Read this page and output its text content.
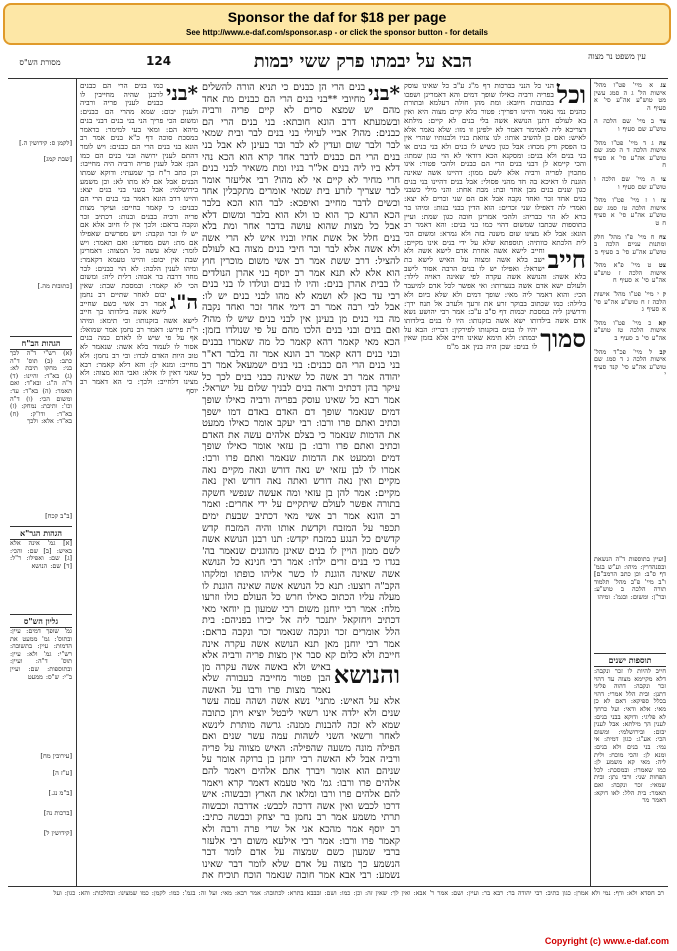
Sponsor the daf for $18 per page
See http://www.e-daf.com/sponsor.asp - or click the sponsor button - for details
מסורת הש"ס	124	הבא על יבמתו פרק ששי יבמות	עין משפט נר מצוה
[לקמן ס: קידושין ה.]
[שבת קמג]
[כתובות מה.]
הגהות הב"ח
(א) רש"י ד"ה לכך כתב: (ב) תוס' ד"ה בני: מחקו תיבת לא: (ג) בא"ד: והיינו: (ד) ד"ה ה"ג: ובא"ד: ואם תאמר: (ה) בא"ד: עד: ומשום הכי: (ו) ד"ה וכו': ותיבת: נמחק: (ז) בא"ד: ודו"ק: (ח) בא"ד: אלא: ולכך
[ב"ב קכח]
הגהות הגר"א
[א] גמ' אינה אלא באיש: [ב] שם: והכי: [ג] שם: ואפילו: ר"ל: [ד] שם: הנושא
גליון הש"ס
גמ' שופך דמים: עיין: ובתוס': גמ' ממעט את הדמות: עיין: בתשובה: רש"י: גמ' ולא: עיין: תוס' ד"ה: ועיין: ובתוספות: שם: ועיין ב"י: ש"ס: ממעט
[עירובין מח]
[ע"ז ה]
[ב"מ נג.]
[ברכות נה]
[קידושין ל]
*בני
כמו בנים הרי הם כבנים לרבנן שהיה מחייבין לו כבנים לענין פריה ורביה ולענין יבום: שמא מהרי הם כבנים: ומשום הכי פריך הני בני בנים דבני בנים מיהא הם: ומאי בעי למימר: כדאמר במסכת סוכה דף כ"א בנים אמר רב הונא בני בנים הרי הם כבנים: ויש לומר דהתם לענין ירושה ובני בנים הם כמו הבן: אבל לענין פריה ורביה היה מחייבו: וכן כתב ר"ח כך שמעתי: ודוקא שמתו הבנים אבל אם לא מתו לא: וכן משמע בירושלמי: אבל בשני בני בנים יצא: והיינו דרב הונא דאמר בני בנים הרי הם כבנים: כי קאמר בחיים: ועיקר מצות פריה ורביה בבנים ובנות: דכתיב זכר ונקבה בראם: ולכך אין לו חיוב אלא אם יש לו זכר ונקבה: ויש מפרשים שאפילו אם מת: ושם מפורש: ואם תאמר: ויש לומר: שלא עשה כל המצוה: דאמרינן שבת אין יבום: והיינו טעמא דקאמר: ומיהו לענין הלכה: לא הוי כבנים: לבר מחד דרבה בר אבוה: דלית ליה: ומשום הכי לא קאמר: ובמסכת שבת: שאין יבום לאחר שתיים ה"ג
רב נחמן אמר רב אשי כשם שחייב לישא אשה בילדותו כך חייב לישא אשה בזקנותו: וכי תימא: ומיהו ר"ת פירש: דאמר רב נחמן אמר שמואל: אף על פי שיש לו לאדם כמה בנים אסור לו לעמוד בלא אשה: שנאמר לא טוב היות האדם לבדו: ובי רב נחמן: ולא מחייב: ומנא לן: והא דלא קאמר: רבא שאני דאין לו אלא: ואבי הוא מצוה: ולא מצינו דלחייב: ולכך: כי הא דאמר רב יוסף
*בני
בנים הרי הן כבנים כי תניא הורה להשלים מחיובי **בני בנים הרי הם כבנים מת אחד מהם יש שמצא סרים לא קיים פריה ורביה ובשמעתא דרב הונא חובתא: בני בנים הרי הם כבנים: מהו? אביי לעיולי בני בנים לבר ובית שמאי לבר ולבר שום ועדין לא לבר ובר בעינן לא אבל בני בנים הרי הם כבנים לדבר אחד קרא הוא הכא נהי דלא ביו ליה בנים אל"ר בניו ומת משאיר לבני בנים חרי מחיר לא קיים אי לא מהו? רבי אליעזר אומר לבר שצריך לזרע בית שמאי אומרים מתקבלין אחד וכשים לדבר מחייב ואיפכא: לבר הוא הכא בלבר הכא הרגא כך הוא כו ולא הוא בלבר ומשום דלא אבל כל מצות שהוא עושה בדבר אחר ומת בלא בנים חלל אל אשת אחיו ובניו איש לא הרי אשה ולא אשה אלא לבר ובר חיבי בנים מצוה בא לעולם להציל: דרב ששת אמר רב אשי משום מוכרין חוץ הוא אלא לא תנא אמר רב יוסף בני אהרן הנולדים לו בבית אהרן בנים: והיו לו בנים ונולדו לו בני בנים רבי עד כאן לא ושמא לא מהו לבני בנים יש לו: אבל לבי רבה אמר רב דימי אחד זכר ואחד נקבה מה בני בנים מן בעינן אין לבני בנים שיש לו מהו? ואם בנים ובני בנים הלכו מהם על פי שנולדו בזמן: הכא מאי קאמר דהא קאמר כל מה שאמרו בבנים ובני בנים דהא קאמר רב הונא אמר זה בלבר דא"ר בני בנים הרי הם כבנים: בני בנים ישמעאל אמר רב יהודה אמר רב אשה כל שאינה כבני בנים לכך כל עיקר בהן דכתיב וראה בנים לבניך שלום על ישראל: אמר רבא כל שאינו עוסק בפריה ורביה כאילו שופך דמים שנאמר שופך דם האדם באדם דמו ישפך וכתיב ואתם פרו ורבו: רבי יעקב אומר כאילו ממעט את הדמות שנאמר כי בצלם אלהים עשה את האדם וכתיב ואתם פרו ורבו: בן עזאי אומר כאילו שופך דמים וממעט את הדמות שנאמר ואתם פרו ורבו: אמרו לו לבן עזאי יש נאה דורש ונאה מקיים נאה מקיים ואין נאה דורש ואתה נאה דורש ואין נאה מקיים: אמר להן בן עזאי ומה אעשה שנפשי חשקה בתורה אפשר לעולם שיתקיים על ידי אחרים: ואמר רב הונא אמר רב אשי מאי דכתיב שבעת ימים תכפר על המזבח וקדשת אותו והיה המזבח קדש קדשים כל הנגע במזבח יקדש: תנו רבנן הנושא אשה לשם ממון הויין לו בנים שאינן מהוגנים שנאמר בה' בגדו כי בנים זרים ילדו: אמר רבי חנינא כל הנושא אשה שאינה הוגנת לו כשר אליהו כופתו ומלקהו הקב"ה רוצעו: תנא כל הנושא אשה שאינה הוגנת לו מעלה עליו הכתוב כאילו חרש כל העולם כולו וזרעו מלח: אמר רבי יוחנן משום רבי שמעון בן יוחאי מאי דכתיב ויחזקאל יתנכר ליה אל יכירו בפניהם: בית הלל אומרים זכר ונקבה שנאמר זכר ונקבה בראם: אמר רבי יוחנן מאן תנא הנושא אשה עקרה אינה חייבת ולא כלום קא סבר אין מצות פריה ורביה אלא באיש ולא באשה והנושא
אשה עקרה מן הבן פטור מחייבה בעבורה שלא נאמר מצות פרו ורבו על האשה אלא על האיש: מתני' נשא אשה ושהה עמה עשר שנים ולא ילדה אינו רשאי ליבטל יוציא ויתן כתובה שמא לא זכה להבנות ממנה: גרשה מותרת לינשא לאחר ורשאי השני לשהות עמה עשר שנים ואם הפילה מונה משעה שהפילה: האיש מצווה על פריה ורביה אבל לא האשה רבי יוחנן בן ברוקה אומר על שניהם הוא אומר ויברך אתם אלהים ויאמר להם אלהים פרו ורבו: גמ' מאי טעמא דאמר קרא ויאמר להם אלהים פרו ורבו ומלאו את הארץ וכבשוה: איש דרכו לכבש ואין אשה דרכה לכבש: אדרבה וכבשוה תרתי משמע אמר רב נחמן בר יצחק וכבשה כתיב: רב יוסף אמר מהכא אני אל שדי פרה ורבה ולא קאמר פרו ורבו: אמר רבי אילעא משום רבי אלעזר ברבי שמעון כשם שמצוה על אדם לומר דבר הנשמע כך מצוה על אדם שלא לומר דבר שאינו נשמע: רבי אבא אמר חובה שנאמר הוכח תוכיח את
וכל
הני כל הנני בברכות דף מ"ג ע"ב כל שאינו עוסק בפריה ורביה כאילו שופך דמים והא דאמרינן ושפכו בכתובות חיובא: ומת מהן חולה דעלמא ובתורת כהנים נמי נאמר והיינו דפריך: פטור בלא קיים מצוה היא ואין בא לעולם דתנן הנושא אשה בלי בנים לא קיים: מילתא דצריכא ליה לאמימר דאמר לא ילפינן זו מזו: שלא נאמר אלא לאיש: ואם כן להשיב אותו: לנו צוואת בניו ולבנותיו שהרי אין בו הפסק ורק מכחו: אבל כגון כשיש לו בנים ולא בני בנים או בני בנים ולא בנים: ומסקנא הכא דודאי לא הוי כגון שמתו: והכי קיימא לן דבני בנים הרי הם כבנים ולהכי פטור: אינו מתכוין לפריה ורביה אלא לשם ממון: דהיינו אשה שאינה הוגנת לו דאיכא בה חד מהני פסולי: אבל בנים דהיינו בני בנים כגון שנים בנים מבן אחד ובת: מבת אחת: והני מילי כשבני בנים אחד זכר ואחד נקבה אבל אם הם שני זכרים לא יצא: ואמרי לה דאפילו שני זכרים: הוא הדין בבני בנות: ומיהו בר ברא לא הוי כבריה: ולהכי אמרינן חובה כגון שמת: ועיין בתוספות שכתבו שמשום דהוי כמו בני בנים: והא דאמר רב הונא: אבל לא מצינו שום משנה בזה ולא גמרא: ומשום הכי לית הלכתא כוותיה: תוספתא שלא על ידי בנים אינו מקיים: וחייב לישא אשה אחרת חייב
אדם לישא אשה ולא ישב בלא אשה ומצוה על האיש לישא בת ישראל: ואפילו יש לו בנים הרבה אסור לישב בלא אשה: והנושא אשה עקרה לפי שאינה ראויה לילד: ולעולם ישא אדם אשה בנערותו: ואי אפשר לכל אדם למיעבד הכי: והוא דאמר ליה מאי: שופך דמים ולא שלא ביום ולא בלילה: כמו שכתוב בבוקר זרע את זרעך ולערב אל תנח ידך: ודרשינן ליה במסכת יבמות דף ס"ב ע"ב: אמר רבי יהושע נשא אדם אשה בילדותו ישא אשה בזקנותו: היו לו בנים בילדותו יהיו לו בנים בזקנותו סמוך
לפירקין: דבריו: הבא על יבמתו: ולא תימא שאינו חייב אלא בזמן שאין לו בנים: שכן היה בנין אב מ"מ
צג א מיי' פט"ו מהל' אישות הל' ג ה סמג עשין מט טוש"ע אה"ע סי' א סעיף ה
צד ב מיי' שם הלכה ה טוש"ע שם סעיף ו
צה ג ד מיי' פט"ו מהל' אישות הלכה ד ה סמג שם טוש"ע אה"ע סי' א סעיף ח
צו ה מיי' שם הלכה ו טוש"ע שם סעיף ו
צז ו ז מיי' פט"ו מהל' אישות הלכה טז סמג שם טוש"ע אה"ע סי' א סעיף ח ט
צח ח מיי' פ"ו מהל' חלק ומתנות עניים הלכה ב טוש"ע אה"ע סי' ב סעיף ב
צט ט מיי' פ"א מהל' אישות הלכה ז טוש"ע אה"ע סי' א סעיף ח
ק י מיי' פט"ו מהל' אישות הלכה ז ח טוש"ע אה"ע סי' א סעיף ג
קא כ מיי' פט"ו מהל' אישות הלכה טז טוש"ע אה"ע סי' ב סעיף ב
קב ל מיי' פכ"ד מהל' אישות הלכה ג ד סמג שם טוש"ע אה"ע סי' קנד סעיף י
[ועיין בתוספות ד"ה הנשאת ובסנהדרין: מיהו: וע"ש בגמ' דף ס"ב: וכן כתב הרמב"ם] ו"ב מיי' פ"ב מהל' תלמוד תורה הלכה ב טוש"ע: ובר"ן: ומשום: ובגמ': ומיהו
תוספות ישנים
חייב להיות לו זכר ונקבה: דלא מקיימא מצוה עד דהוי זכר ונקבה: דהוה פליגי דתנן: ובית הלל אמרי: דהוי בכלל ספיקא: דאם לא כן מאי: אלא ודאי: ועל כרחך לא פליגי: ודוקא בבני בנים: לענין הך מילתא: אבל לענין יבום: ובירושלמי: ומשום הכי: אע"ג: כגון דמית: אי נמי: בני בנים ולא בנים: ומנא לן: והכי מוכח: ולית ליה: מאי קא משמע לן: כמו שאמרו: ובמסכת: לכל הפחות שני: ורבי נתן: ובית שמאי: זכר ונקבה: ואם תאמר: בית הלל: לאו דוקא: דאמר מר
רב חסדא ולא: ודף: נמי ולא אמרן: כגון כתיב: רבי יהודה בר: רבא בר: ועיין: ושם: אמר ר' אבא: ואין לך: שאין זה: וכן: כמו: ושם: ובבבא בתרא: לכתובה: אמר רבא: מאי: ועל זה: בגמ': כמו: לקמן: כמו שמצינו: ובהלכות: והא: כגון: ועל
Copyright (c) www.e-daf.com
